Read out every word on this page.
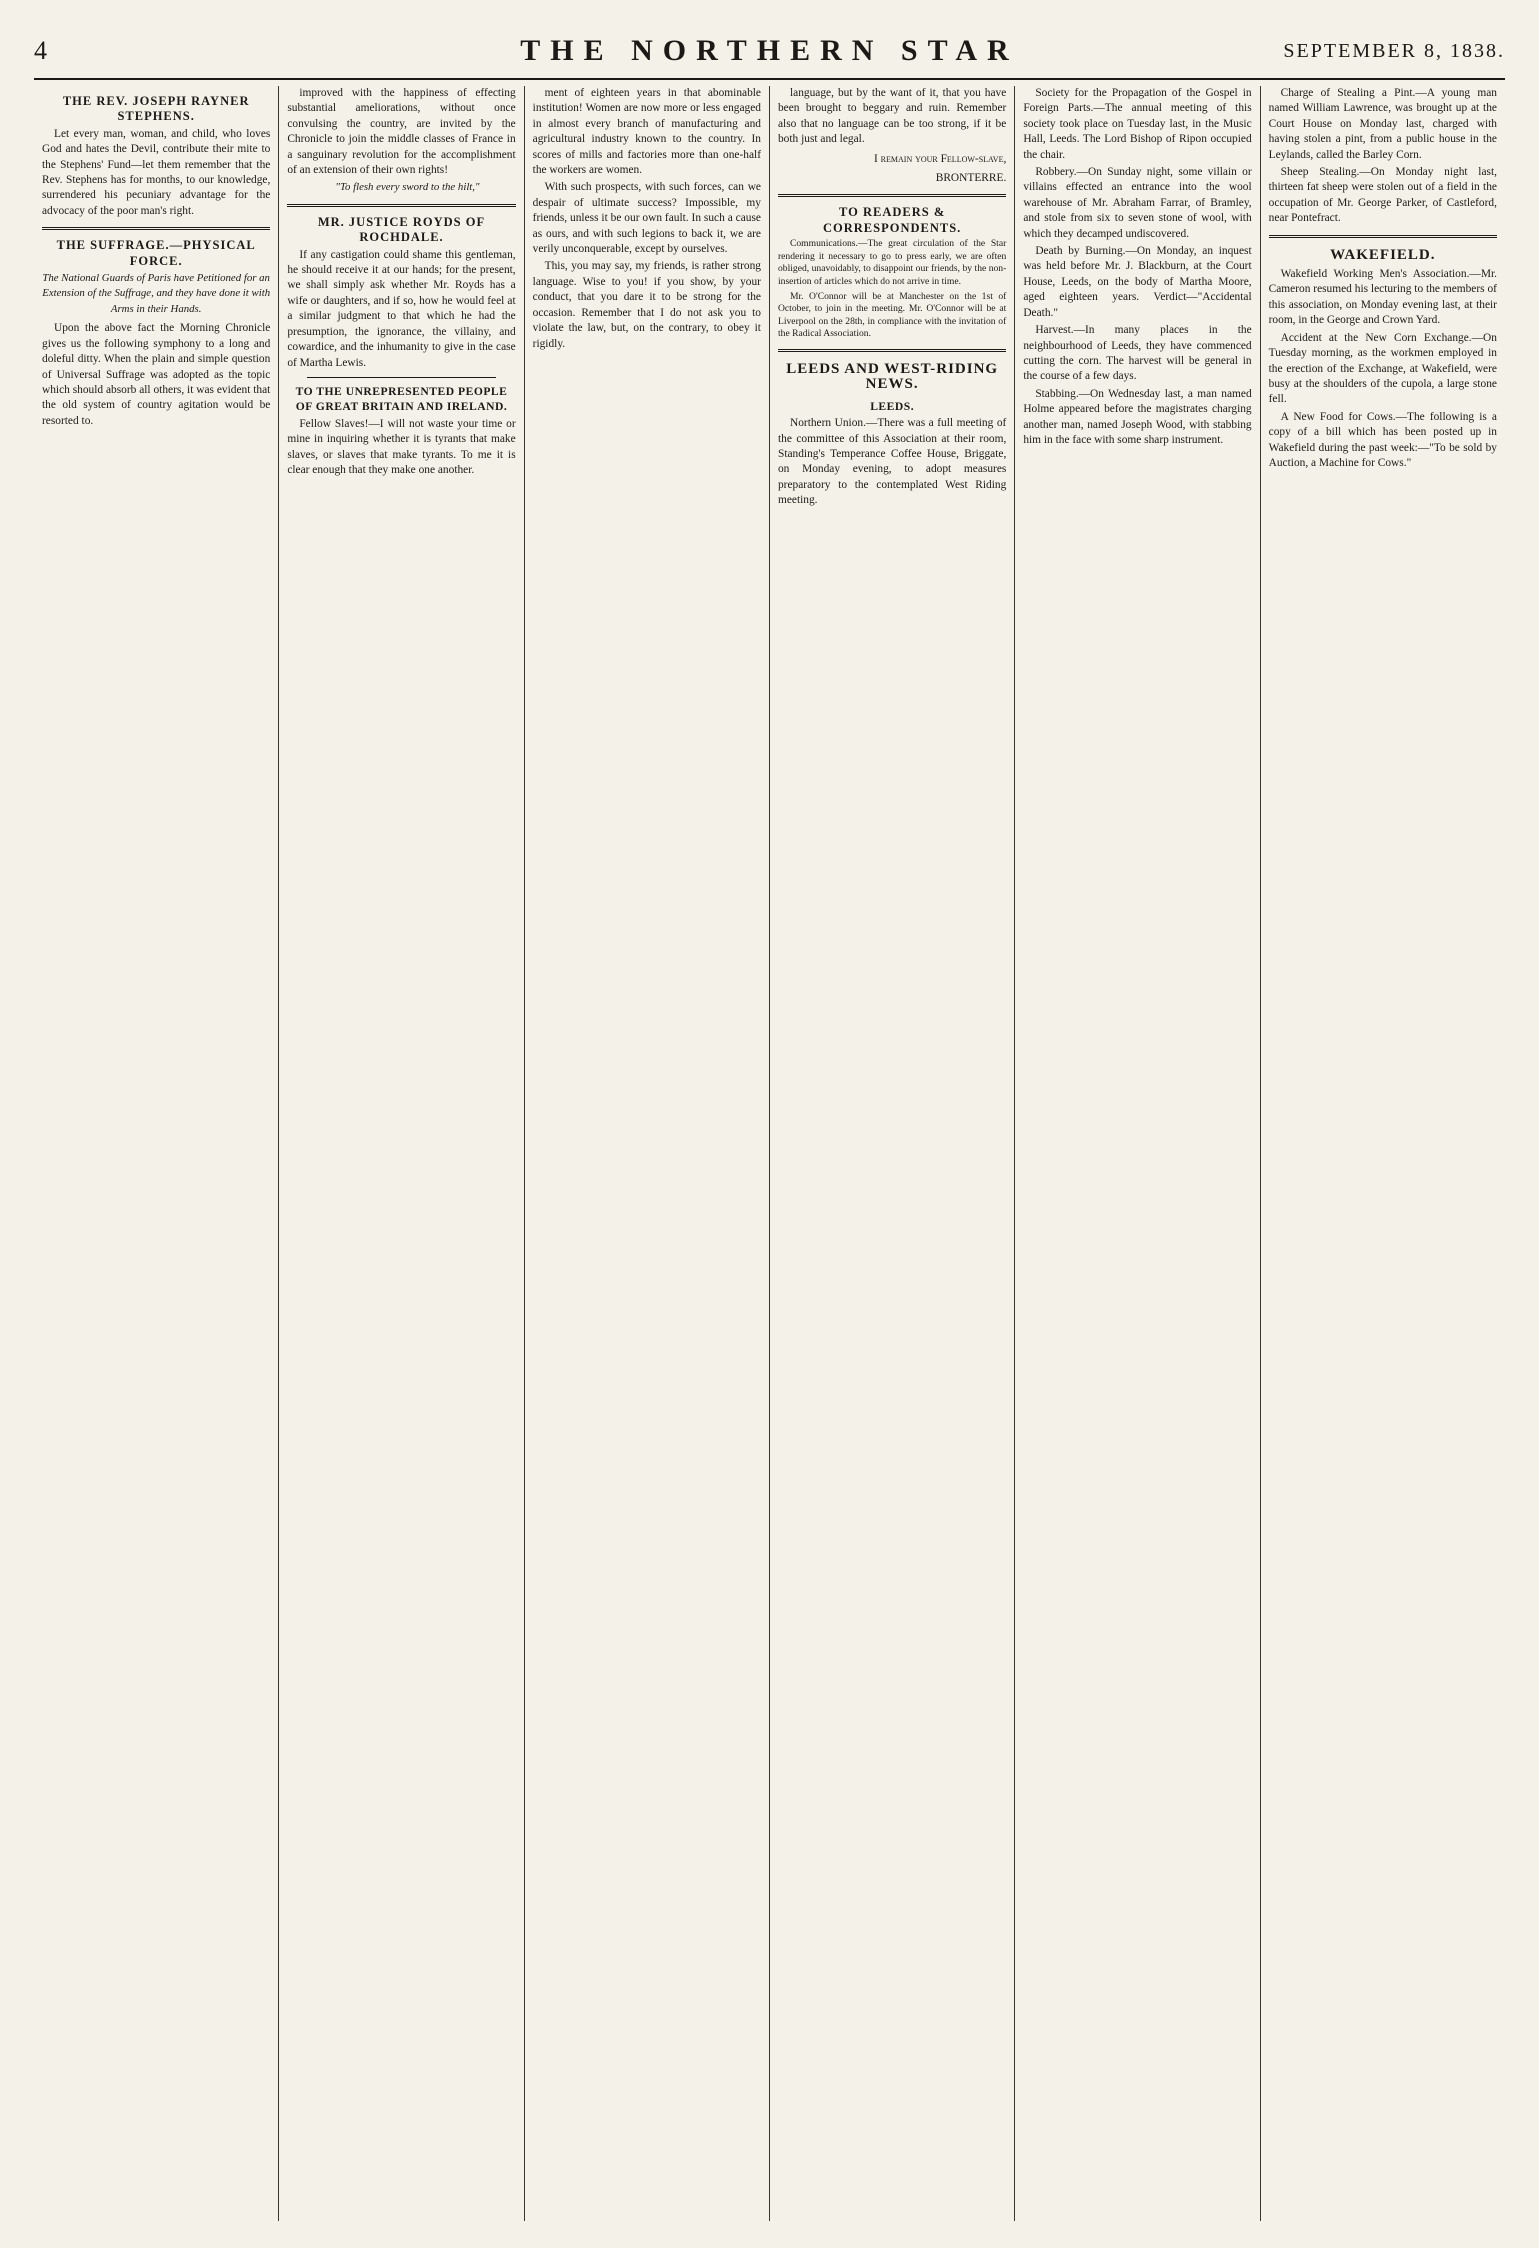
4	THE NORTHERN STAR	SEPTEMBER 8, 1838.
THE REV. JOSEPH RAYNER STEPHENS.

Let every man, woman, and child, who loves God and hates the Devil, contribute their mite to the Stephens' Fund—let them remember that the Rev. Stephens has for months, to our knowledge, surrendered his pecuniary advantage for the advocacy of the poor man's right.

THE SUFFRAGE.—PHYSICAL FORCE.
The National Guards of Paris have Petitioned for an Extension of the Suffrage, and they have done it with Arms in their Hands.

Upon the above fact the Morning Chronicle gives us the following symphony to a long and doleful ditty. When the plain and simple question of Universal Suffrage was adopted as the topic which should absorb all others, it was evident that the old system of country agitation would be resorted to.

improved with the happiness of effecting substantial ameliorations, without once convulsing the country, are invited by the Chronicle to join the middle classes of France in a sanguinary revolution for the accomplishment of an extension of their own rights!

"To flesh every sword to the hilt,"

MR. JUSTICE ROYDS OF ROCHDALE.

If any castigation could shame this gentleman, he should receive it at our hands; for the present, we shall simply ask whether Mr. Royds has a wife or daughters, and if so, how he would feel at a similar judgment to that which he had the presumption, the ignorance, the villainy, and cowardice, and the inhumanity to give in the case of Martha Lewis.

TO THE UNREPRESENTED PEOPLE OF GREAT BRITAIN AND IRELAND.

Fellow Slaves!—I will not waste your time or mine in inquiring whether it is tyrants that make slaves, or slaves that make tyrants. To me it is clear enough that they make one another.

ment of eighteen years in that abominable institution! Women are now more or less engaged in almost every branch of manufacturing and agricultural industry known to the country. In scores of mills and factories more than one-half the workers are women.

With such prospects, with such forces, can we despair of ultimate success? Impossible, my friends, unless it be our own fault. In such a cause as ours, and with such legions to back it, we are verily unconquerable, except by ourselves.

This, you may say, my friends, is rather strong language. Wise to you! if you show, by your conduct, that you dare it to be strong for the occasion. Remember that I do not ask you to violate the law, but, on the contrary, to obey it rigidly.

language, but by the want of it, that you have been brought to beggary and ruin. Remember also that no language can be too strong, if it be both just and legal.

I remain your Fellow-slave,
BRONTERRE.
TO READERS & CORRESPONDENTS.

Communications.—The great circulation of the Star rendering it necessary to go to press early, we are often obliged, unavoidably, to disappoint our friends, by the non-insertion of articles which do not arrive in time.

Mr. O'Connor will be at Manchester on the 1st of October, to join in the meeting. Mr. O'Connor will be at Liverpool on the 28th, in compliance with the invitation of the Radical Association.

LEEDS AND WEST-RIDING NEWS.
LEEDS.

Northern Union.—There was a full meeting of the committee of this Association at their room, Standing's Temperance Coffee House, Briggate, on Monday evening, to adopt measures preparatory to the contemplated West Riding meeting.

Society for the Propagation of the Gospel in Foreign Parts.—The annual meeting of this society took place on Tuesday last, in the Music Hall, Leeds. The Lord Bishop of Ripon occupied the chair.

Robbery.—On Sunday night, some villain or villains effected an entrance into the wool warehouse of Mr. Abraham Farrar, of Bramley, and stole from six to seven stone of wool, with which they decamped undiscovered.

Death by Burning.—On Monday, an inquest was held before Mr. J. Blackburn, at the Court House, Leeds, on the body of Martha Moore, aged eighteen years. Verdict—"Accidental Death."

Harvest.—In many places in the neighbourhood of Leeds, they have commenced cutting the corn. The harvest will be general in the course of a few days.

Stabbing.—On Wednesday last, a man named Holme appeared before the magistrates charging another man, named Joseph Wood, with stabbing him in the face with some sharp instrument.

Charge of Stealing a Pint.—A young man named William Lawrence, was brought up at the Court House on Monday last, charged with having stolen a pint, from a public house in the Leylands, called the Barley Corn.

Sheep Stealing.—On Monday night last, thirteen fat sheep were stolen out of a field in the occupation of Mr. George Parker, of Castleford, near Pontefract.

WAKEFIELD.

Wakefield Working Men's Association.—Mr. Cameron resumed his lecturing to the members of this association, on Monday evening last, at their room, in the George and Crown Yard.

Accident at the New Corn Exchange.—On Tuesday morning, as the workmen employed in the erection of the Exchange, at Wakefield, were busy at the shoulders of the cupola, a large stone fell.

A New Food for Cows.—The following is a copy of a bill which has been posted up in Wakefield during the past week:—"To be sold by Auction, a Machine for Cows."
